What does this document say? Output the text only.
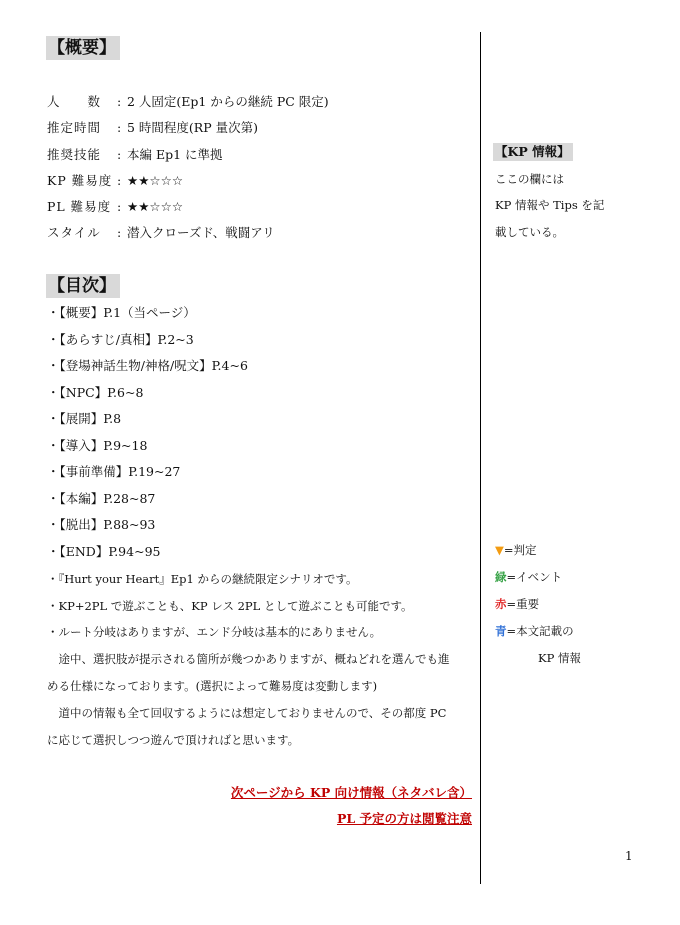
【概要】
人　　数 : 2 人固定(Ep1 からの継続 PC 限定)
推定時間 : 5 時間程度(RP 量次第)
推奨技能 : 本編 Ep1 に準拠
KP 難易度 : ★★☆☆☆
PL 難易度 : ★★☆☆☆
スタイル : 潜入クローズド、戦闘アリ
【目次】
・【概要】P.1（当ページ）
・【あらすじ/真相】P.2~3
・【登場神話生物/神格/呪文】P.4~6
・【NPC】P.6~8
・【展開】P.8
・【導入】P.9~18
・【事前準備】P.19~27
・【本編】P.28~87
・【脱出】P.88~93
・【END】P.94~95
・『Hurt your Heart』Ep1 からの継続限定シナリオです。
・KP+2PL で遊ぶことも、KP レス 2PL として遊ぶことも可能です。
・ルート分岐はありますが、エンド分岐は基本的にありません。
　途中、選択肢が提示される箇所が幾つかありますが、概ねどれを選んでも進
める仕様になっております。(選択によって難易度は変動します)
　道中の情報も全て回収するようには想定しておりませんので、その都度 PC
に応じて選択しつつ遊んで頂ければと思います。
次ページから KP 向け情報（ネタバレ含）
PL 予定の方は閲覧注意
【KP 情報】
ここの欄には
KP 情報や Tips を記
載している。
▼=判定
緑=イベント
赤=重要
青=本文記載の
KP 情報
1
